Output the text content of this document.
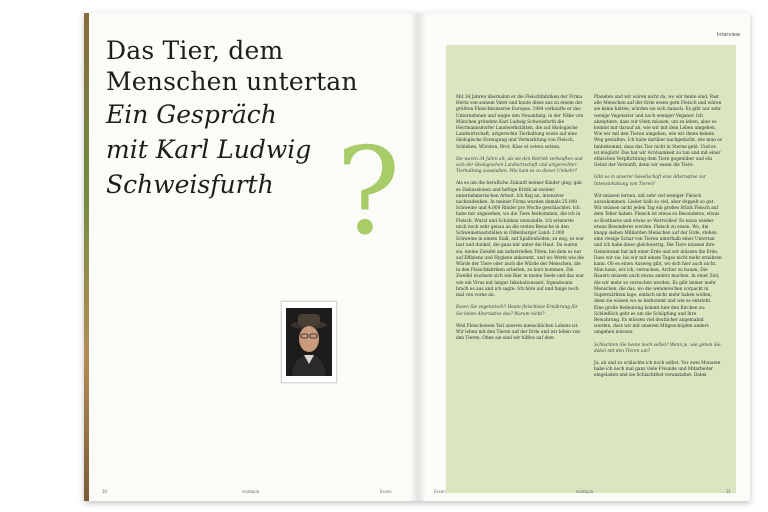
Das Tier, dem
Menschen untertan
Ein Gespräch
mit Karl Ludwig
Schweisfurth ?
30	ecotopia	Essen
Interview

Mit 34 Jahren übernahm er die Fleischfabriken der Firma Herta von seinem Vater und baute diese aus zu einem der größten Fleischkonzerne Europas. 1984 verkaufte er das Unternehmen und wagte den Neuanfang: in der Nähe von München gründete Karl Ludwig Schweisfurth die Herrmannsdorfer Landwerkstätten, die auf ökologische Landwirtschaft, artgerechte Tierhaltung sowie auf eine ökologische Erzeugung und Vermarktung von Fleisch, Schinken, Würsten, Brot, Käse et cetera setzen.

Sie waren 34 Jahre alt, als sie den Betrieb verkauften und sich der ökologischen Landwirtschaft und artgerechter Tierhaltung zuwandten. Wie kam es zu dieser Umkehr?

Als es um die berufliche Zukunft meiner Kinder ging, gab es Diskussionen und heftige Kritik an meiner unternehmerischen Arbeit. Ich fing an, intensiver nachzudenken. In meiner Firma wurden damals 25.000 Schweine und 4.000 Rinder pro Woche geschlachtet. Ich habe mir angesehen, wo die Tiere herkommen, die ich in Fleisch, Wurst und Schinken umwandle. Ich erinnerte mich noch sehr genau an die ersten Besuche in den Schweinemastställen in Oldenburger Land: 2.000 Schweine in einem Stall, auf Spaltenböden, zu eng, es war laut und dunkel, die ganz mir unter die Haut. Da waren sie, meine Zweifel am industriellen Töten, bei dem es nur auf Effizienz und Hygiene ankommt, und wo Werte wie die Würde der Tiere oder auch die Würde der Menschen, die in den Fleischfabriken arbeiten, zu kurz kommen. Die Zweifel wuchsen sich wie Bier in meine Seele und das war wie ein Virus mit langer Inkubationszeit. Irgendwann brach es aus und ich sagte: Ich höre auf und fange noch mal von vorne an.

Essen Sie vegetarisch? Heute fleischlose Ernährung für Sie keine Alternative das? Warum nicht?

Weil Fleischessen Teil unseres menschlichen Lebens ist. Wir leben mit den Tieren auf der Erde und wir leben von den Tieren. Ohne sie sind wir hilflos auf dem

Planeten und wir wären nicht da, wo wir heute sind. Fast alle Menschen auf der Erde essen gern Fleisch und wären sie keine hätten, würden sie sich danach. Es gibt nur sehr wenige Vegetarier und noch weniger Veganer. Ich akzeptiere, dass wir töten müssen, um zu leben, aber es kommt mir darauf an, wie wir mit dem Leben umgehen. Wie wir mit den Tieren umgehen, wie wir ihnen keinen Weg gestalten. Ich habe darüber nachgedacht, wie man es hinbekommt, dass das Tier nicht in Sterne geht. Und es ist möglich! Das hat wir Achtsamkeit zu tun und mit einer ethischen Verpflichtung dem Tiere gegenüber und ein Gebot der Vernunft, denn wir essen die Tiere.

Gibt es in unserer Gesellschaft eine Alternative zur Intensivhaltung von Tieren?

Wir müssen lernen, mit sehr viel weniger Fleisch auszukommen. Lieber halb so viel, aber doppelt so gut. Wir müssen nicht jeden Tag ein großes Stück Fleisch auf dem Teller haben. Fleisch ist etwas so Besonderes, etwas so Kostbares und etwas so Wertvolles! Es muss wieder etwas Besonderes werden. Fleisch zu essen. Wo, die knapp sieben Milliarden Menschen auf der Erde, stehen eine riesige Schar von Tieren unterhalb einer Untertan und ich habe diese gleichwertig. Die Tiere müssen ihre Gemeinsam hat mit einer Erde und wir müssen die Erde, Dass wir sie, bis wir mit einem Tages nicht mehr ernähren kann. Ob es einen Ausweg gibt, wo sich hier auch nicht. Man kann, wir ich, versuchen, Archer zu bauen, Die Bauern müssen auch etwas anders machen. In einer Zeit, die wir mehr so versuchen werden. Es gibt immer mehr Menschen, die das, wo die wenderechen vorpackt in Supermärkten lage, einfach nicht mehr haben wollen, denn sie wissen wo es herkommt und wie es entsteht. Eine große Bedeutung kommt hier den Kirchen zu: Schließlich geht es um die Schöpfung und ihre Bewahrung. Es müssen viel deutlicher angemahnt werden, dass wir mit unseren Mitgeschöpfen anders umgehen müssen.

Schlachten Sie heute noch selbst? Wenn ja, wie gehen Sie dabei mit den Tieren um?

Ja, ab und zu schlachte ich noch selbst. Vor zwei Monaten habe ich noch mal ganz viele Freunde und Mitarbeiter eingeladen und sie Schlachtfest veranstaltet. Dabei

Essen	ecotopia	31
